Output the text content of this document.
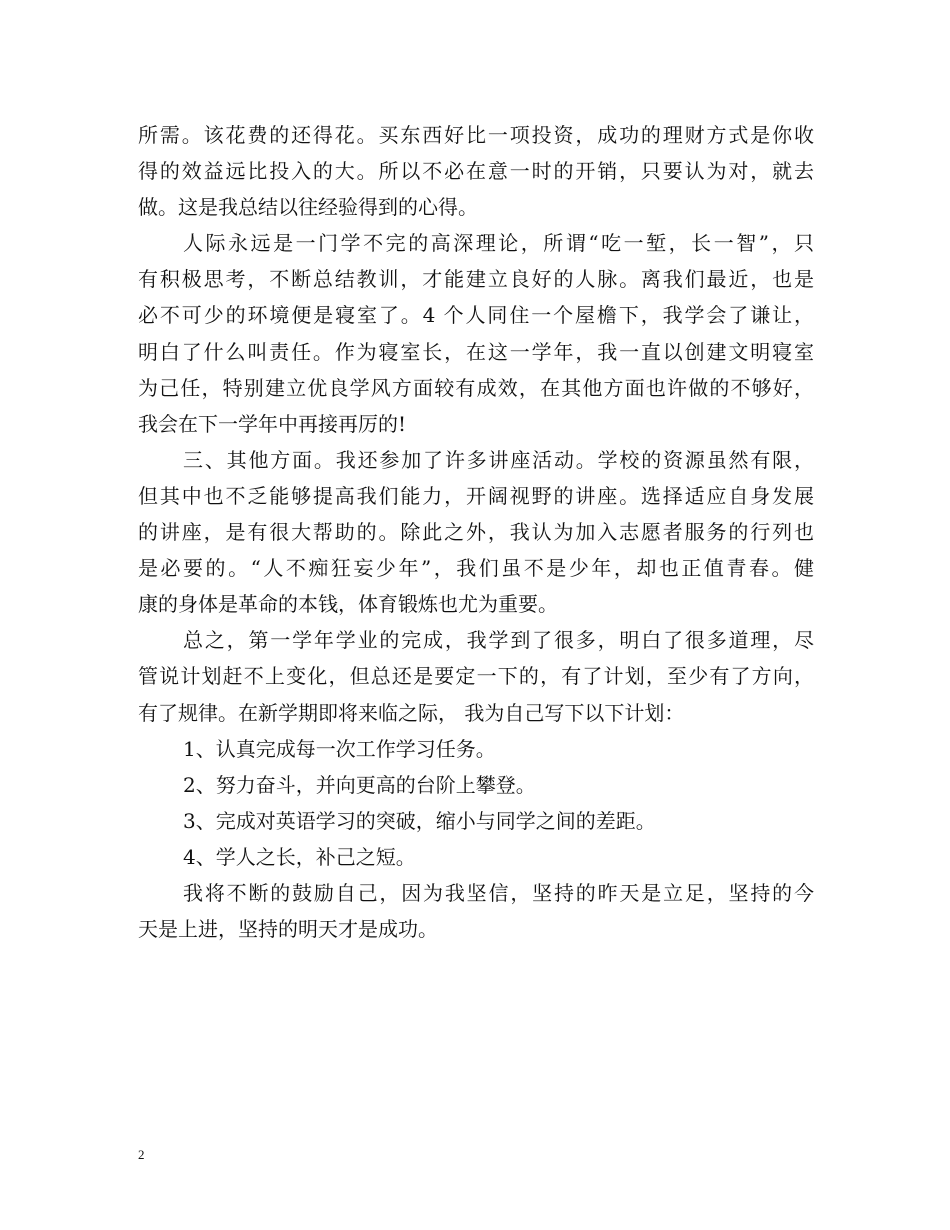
所需。该花费的还得花。买东西好比一项投资，成功的理财方式是你收
得的效益远比投入的大。所以不必在意一时的开销，只要认为对，就去
做。这是我总结以往经验得到的心得。
人际永远是一门学不完的高深理论，所谓“吃一堑，长一智”，只
有积极思考，不断总结教训，才能建立良好的人脉。离我们最近，也是
必不可少的环境便是寝室了。4 个人同住一个屋檐下，我学会了谦让，
明白了什么叫责任。作为寝室长，在这一学年，我一直以创建文明寝室
为己任，特别建立优良学风方面较有成效，在其他方面也许做的不够好，
我会在下一学年中再接再厉的!
三、其他方面。我还参加了许多讲座活动。学校的资源虽然有限，
但其中也不乏能够提高我们能力，开阔视野的讲座。选择适应自身发展
的讲座，是有很大帮助的。除此之外，我认为加入志愿者服务的行列也
是必要的。“人不痴狂妄少年”，我们虽不是少年，却也正值青春。健
康的身体是革命的本钱，体育锻炼也尤为重要。
总之，第一学年学业的完成，我学到了很多，明白了很多道理，尽
管说计划赶不上变化，但总还是要定一下的，有了计划，至少有了方向，
有了规律。在新学期即将来临之际， 我为自己写下以下计划：
1、认真完成每一次工作学习任务。
2、努力奋斗，并向更高的台阶上攀登。
3、完成对英语学习的突破，缩小与同学之间的差距。
4、学人之长，补己之短。
我将不断的鼓励自己，因为我坚信，坚持的昨天是立足，坚持的今
天是上进，坚持的明天才是成功。
2
